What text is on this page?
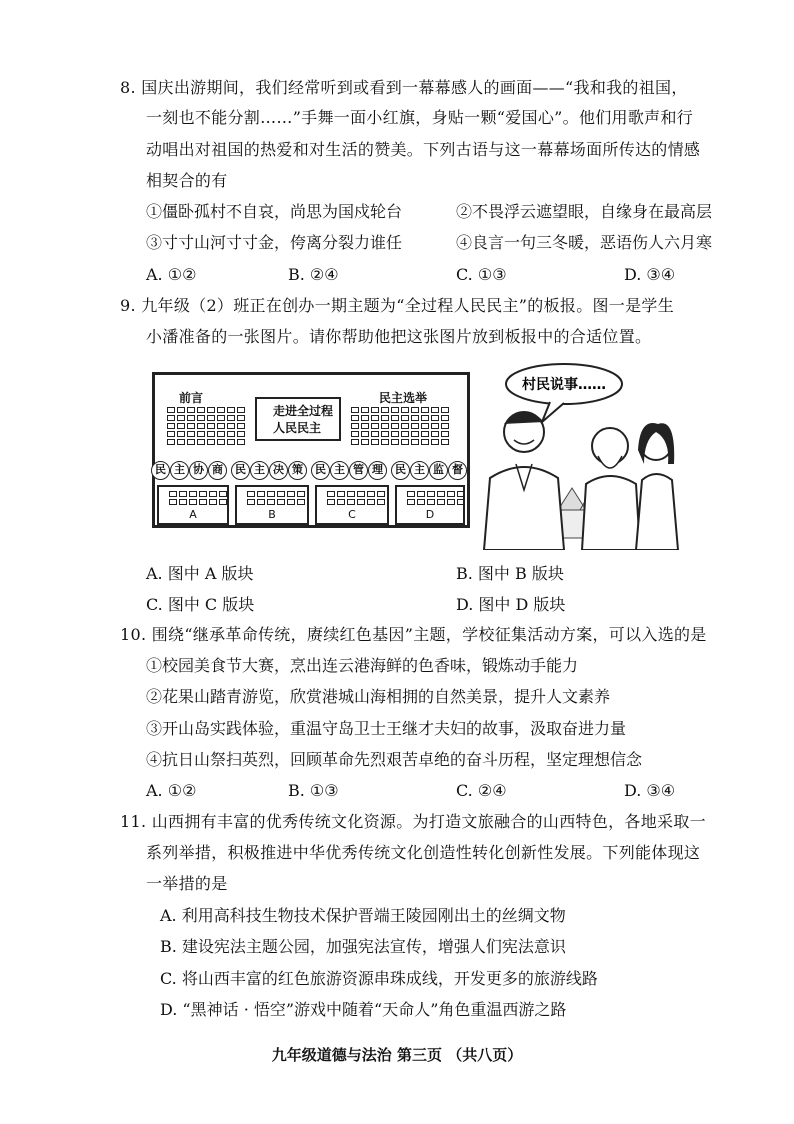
8. 国庆出游期间，我们经常听到或看到一幕幕感人的画面——“我和我的祖国，
一刻也不能分割……”手舞一面小红旗，身贴一颗“爱国心”。他们用歌声和行
动唱出对祖国的热爱和对生活的赞美。下列古语与这一幕幕场面所传达的情感
相契合的有
①僵卧孤村不自哀，尚思为国戍轮台	②不畏浮云遮望眼，自缘身在最高层
③寸寸山河寸寸金，侉离分裂力谁任	④良言一句三冬暖，恶语伤人六月寒
A. ①②	B. ②④	C. ①③	D. ③④
9. 九年级（2）班正在创办一期主题为“全过程人民民主”的板报。图一是学生
小潘准备的一张图片。请你帮助他把这张图片放到板报中的合适位置。
前言	民主选举
走进全过程
人民民主
民 主 协 商	民 主 决 策	民 主 管 理	民 主 监 督
A	B	C	D
村民说事……
A. 图中 A 版块	B. 图中 B 版块
C. 图中 C 版块	D. 图中 D 版块
10. 围绕“继承革命传统，赓续红色基因”主题，学校征集活动方案，可以入选的是
①校园美食节大赛，烹出连云港海鲜的色香味，锻炼动手能力
②花果山踏青游览，欣赏港城山海相拥的自然美景，提升人文素养
③开山岛实践体验，重温守岛卫士王继才夫妇的故事，汲取奋进力量
④抗日山祭扫英烈，回顾革命先烈艰苦卓绝的奋斗历程，坚定理想信念
A. ①②	B. ①③	C. ②④	D. ③④
11. 山西拥有丰富的优秀传统文化资源。为打造文旅融合的山西特色，各地采取一
系列举措，积极推进中华优秀传统文化创造性转化创新性发展。下列能体现这
一举措的是
A. 利用高科技生物技术保护晋端王陵园刚出土的丝绸文物
B. 建设宪法主题公园，加强宪法宣传，增强人们宪法意识
C. 将山西丰富的红色旅游资源串珠成线，开发更多的旅游线路
D. “黑神话 · 悟空”游戏中随着“天命人”角色重温西游之路
九年级道德与法治 第三页 （共八页）
